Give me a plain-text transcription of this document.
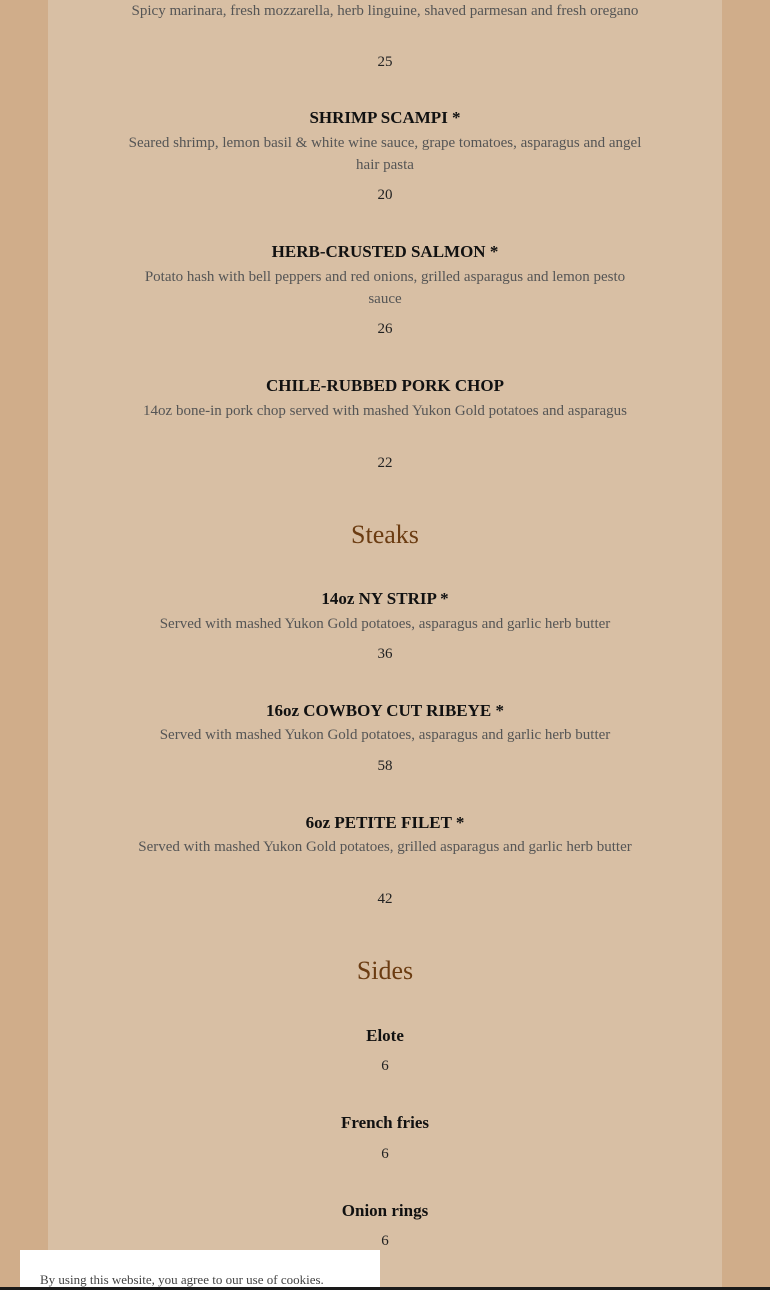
Spicy marinara, fresh mozzarella, herb linguine, shaved parmesan and fresh oregano
25
SHRIMP SCAMPI *
Seared shrimp, lemon basil & white wine sauce, grape tomatoes, asparagus and angel hair pasta
20
HERB-CRUSTED SALMON *
Potato hash with bell peppers and red onions, grilled asparagus and lemon pesto sauce
26
CHILE-RUBBED PORK CHOP
14oz bone-in pork chop served with mashed Yukon Gold potatoes and asparagus
22
Steaks
14oz NY STRIP *
Served with mashed Yukon Gold potatoes, asparagus and garlic herb butter
36
16oz COWBOY CUT RIBEYE *
Served with mashed Yukon Gold potatoes, asparagus and garlic herb butter
58
6oz PETITE FILET *
Served with mashed Yukon Gold potatoes, grilled asparagus and garlic herb butter
42
Sides
Elote
6
French fries
6
Onion rings
6
By using this website, you agree to our use of cookies.
